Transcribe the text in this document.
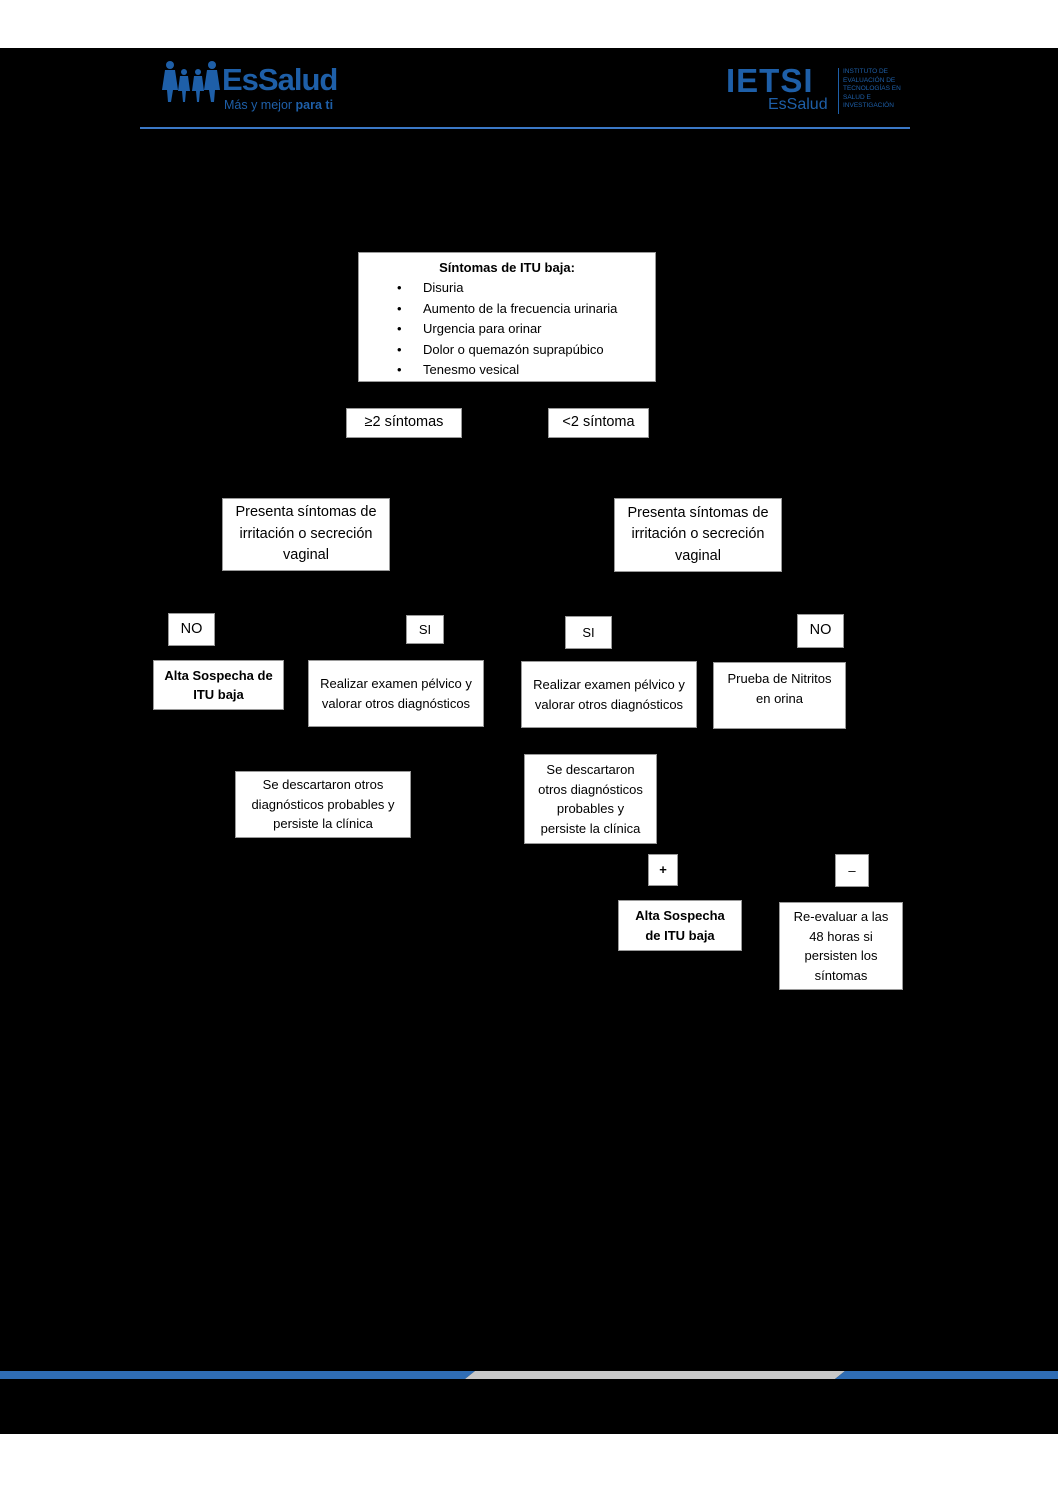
EsSalud
Más y mejor para ti
IETSI
EsSalud
INSTITUTO DE
EVALUACIÓN DE
TECNOLOGÍAS EN
SALUD E
INVESTIGACIÓN
Síntomas de ITU baja:
• Disuria
• Aumento de la frecuencia urinaria
• Urgencia para orinar
• Dolor o quemazón suprapúbico
• Tenesmo vesical
≥2 síntomas	<2 síntoma
Presenta síntomas de irritación o secreción vaginal
Presenta síntomas de irritación o secreción vaginal
NO	SI	SI	NO
Alta Sospecha de ITU baja
Realizar examen pélvico y valorar otros diagnósticos
Realizar examen pélvico y valorar otros diagnósticos
Prueba de Nitritos en orina
Se descartaron otros diagnósticos probables y persiste la clínica
Se descartaron otros diagnósticos probables y persiste la clínica
+	–
Alta Sospecha de ITU baja
Re-evaluar a las 48 horas si persisten los síntomas
